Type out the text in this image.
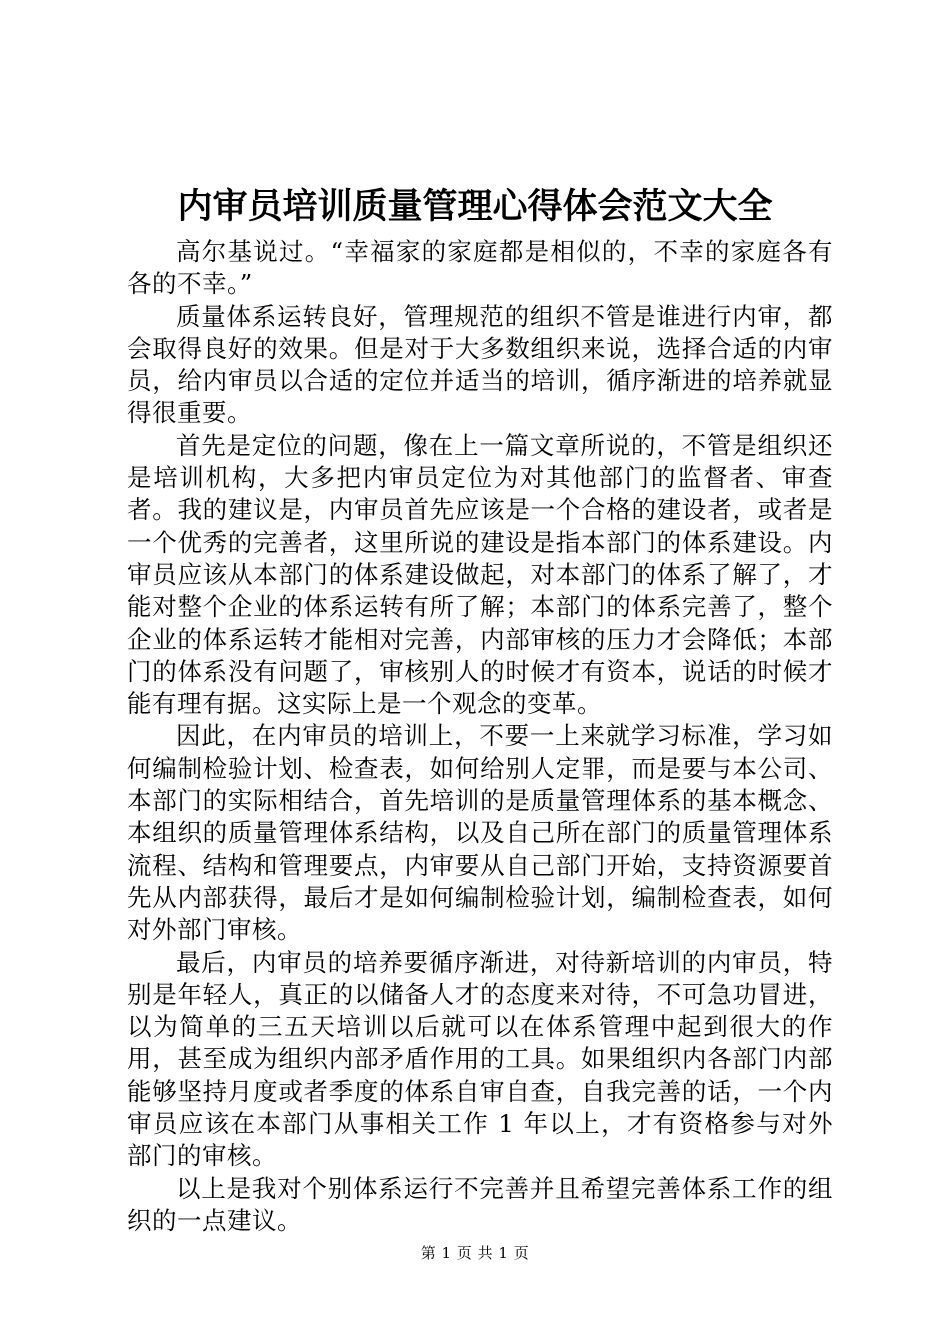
内审员培训质量管理心得体会范文大全

高尔基说过。“幸福家的家庭都是相似的，不幸的家庭各有各的不幸。”

质量体系运转良好，管理规范的组织不管是谁进行内审，都会取得良好的效果。但是对于大多数组织来说，选择合适的内审员，给内审员以合适的定位并适当的培训，循序渐进的培养就显得很重要。

首先是定位的问题，像在上一篇文章所说的，不管是组织还是培训机构，大多把内审员定位为对其他部门的监督者、审查者。我的建议是，内审员首先应该是一个合格的建设者，或者是一个优秀的完善者，这里所说的建设是指本部门的体系建设。内审员应该从本部门的体系建设做起，对本部门的体系了解了，才能对整个企业的体系运转有所了解；本部门的体系完善了，整个企业的体系运转才能相对完善，内部审核的压力才会降低；本部门的体系没有问题了，审核别人的时候才有资本，说话的时候才能有理有据。这实际上是一个观念的变革。

因此，在内审员的培训上，不要一上来就学习标准，学习如何编制检验计划、检查表，如何给别人定罪，而是要与本公司、本部门的实际相结合，首先培训的是质量管理体系的基本概念、本组织的质量管理体系结构，以及自己所在部门的质量管理体系流程、结构和管理要点，内审要从自己部门开始，支持资源要首先从内部获得，最后才是如何编制检验计划，编制检查表，如何对外部门审核。

最后，内审员的培养要循序渐进，对待新培训的内审员，特别是年轻人，真正的以储备人才的态度来对待，不可急功冒进，以为简单的三五天培训以后就可以在体系管理中起到很大的作用，甚至成为组织内部矛盾作用的工具。如果组织内各部门内部能够坚持月度或者季度的体系自审自查，自我完善的话，一个内审员应该在本部门从事相关工作 1 年以上，才有资格参与对外部门的审核。

以上是我对个别体系运行不完善并且希望完善体系工作的组织的一点建议。

第 1 页 共 1 页
